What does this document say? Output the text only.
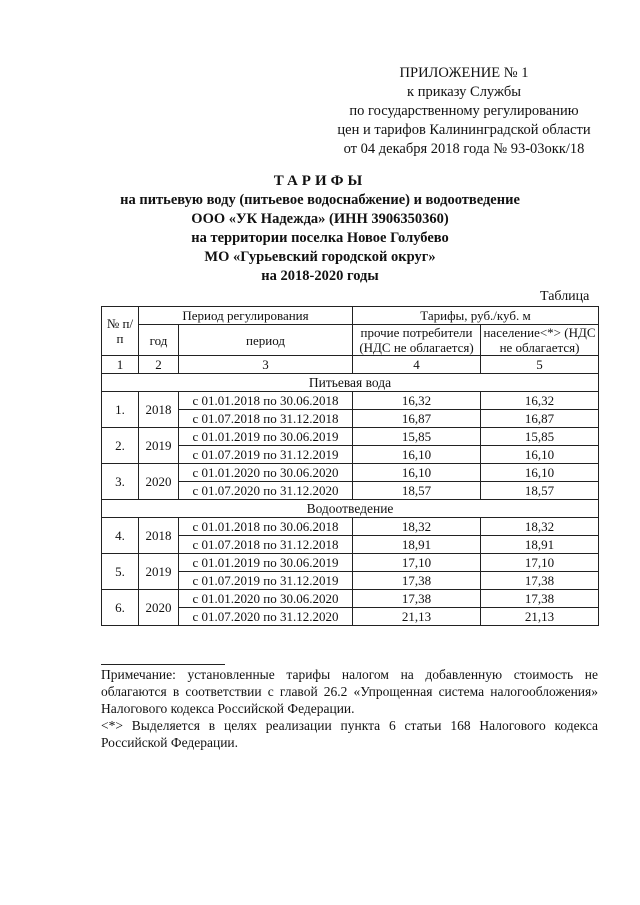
ПРИЛОЖЕНИЕ № 1
к приказу Службы
по государственному регулированию
цен и тарифов Калининградской области
от 04 декабря 2018 года № 93-03окк/18
ТАРИФЫ
на питьевую воду (питьевое водоснабжение) и водоотведение
ООО «УК Надежда» (ИНН 3906350360)
на территории поселка Новое Голубево
МО «Гурьевский городской округ»
на 2018-2020 годы
Таблица
№ п/п	Период регулирования		Тарифы, руб./куб. м	
	год	период	прочие потребители (НДС не облагается)	население<*> (НДС не облагается)
1	2	3	4	5
Питьевая вода				
1.	2018	с 01.01.2018 по 30.06.2018	16,32	16,32
		с 01.07.2018 по 31.12.2018	16,87	16,87
2.	2019	с 01.01.2019 по 30.06.2019	15,85	15,85
		с 01.07.2019 по 31.12.2019	16,10	16,10
3.	2020	с 01.01.2020 по 30.06.2020	16,10	16,10
		с 01.07.2020 по 31.12.2020	18,57	18,57
Водоотведение				
4.	2018	с 01.01.2018 по 30.06.2018	18,32	18,32
		с 01.07.2018 по 31.12.2018	18,91	18,91
5.	2019	с 01.01.2019 по 30.06.2019	17,10	17,10
		с 01.07.2019 по 31.12.2019	17,38	17,38
6.	2020	с 01.01.2020 по 30.06.2020	17,38	17,38
		с 01.07.2020 по 31.12.2020	21,13	21,13

Примечание: установленные тарифы налогом на добавленную стоимость не облагаются в соответствии с главой 26.2 «Упрощенная система налогообложения» Налогового кодекса Российской Федерации.

<*> Выделяется в целях реализации пункта 6 статьи 168 Налогового кодекса Российской Федерации.
